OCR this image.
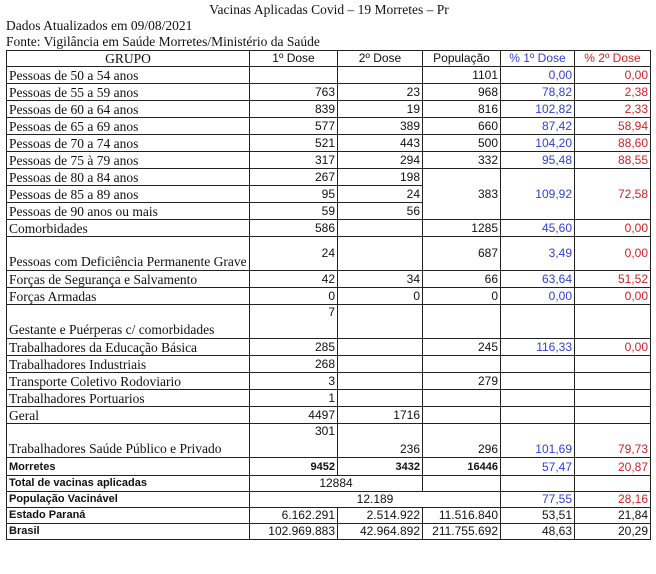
Vacinas Aplicadas Covid – 19 Morretes – Pr
Dados Atualizados em 09/08/2021
Fonte: Vigilância em Saúde Morretes/Ministério da Saúde
GRUPO	1º Dose	2º Dose	População	% 1º Dose	% 2º Dose
Pessoas de 50 a 54 anos			1101	0,00	0,00
Pessoas de 55 a 59 anos	763	23	968	78,82	2,38
Pessoas de 60 a 64 anos	839	19	816	102,82	2,33
Pessoas de 65 a 69 anos	577	389	660	87,42	58,94
Pessoas de 70 a 74 anos	521	443	500	104,20	88,60
Pessoas de 75 à 79 anos	317	294	332	95,48	88,55
Pessoas de 80 a 84 anos	267	198	383	109,92	72,58
Pessoas de 85 a 89 anos	95	24			
Pessoas de 90 anos ou mais	59	56			
Comorbidades	586		1285	45,60	0,00
Pessoas com Deficiência Permanente Grave	24		687	3,49	0,00
Forças de Segurança e Salvamento	42	34	66	63,64	51,52
Forças Armadas	0	0	0	0,00	0,00
Gestante e Puérperas c/ comorbidades	7				
Trabalhadores da Educação Básica	285		245	116,33	0,00
Trabalhadores Industriais	268				
Transporte Coletivo Rodoviario	3		279		
Trabalhadores Portuarios	1				
Geral	4497	1716			
Trabalhadores Saúde Público e Privado	301	236	296	101,69	79,73
Morretes	9452	3432	16446	57,47	20,87
Total de vacinas aplicadas	12884				
População Vacinável	12.189			77,55	28,16
Estado Paraná	6.162.291	2.514.922	11.516.840	53,51	21,84
Brasil	102.969.883	42.964.892	211.755.692	48,63	20,29
